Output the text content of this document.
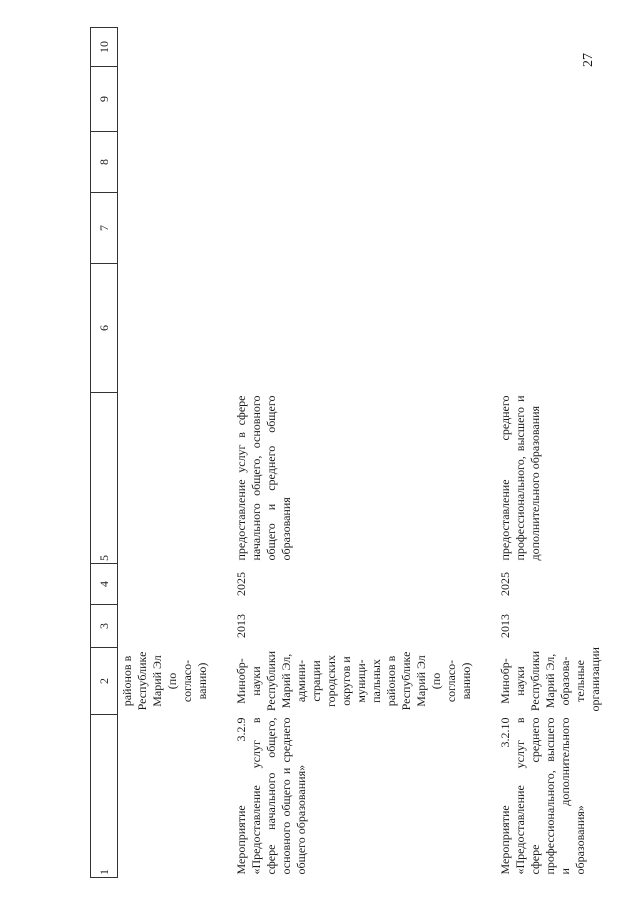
27
1	2	3	4	5	6	7	8	9	10
	районов в Республике Марий Эл (по согласо-ванию)								

Мероприятие 3.2.9 «Предоставление услуг в сфере начального общего, основного общего и среднего общего образования»	Минобр-науки Республики Марий Эл, админи-страции городских округов и муници-пальных районов в Республике Марий Эл (по согласо-ванию)	2013	2025	предоставление услуг в сфере начального общего, основного общего и среднего общего образования					

Мероприятие 3.2.10 «Предоставление услуг в сфере среднего профессионального, высшего и дополнительного образования»	Минобр-науки Республики Марий Эл, образова-тельные организации	2013	2025	предоставление среднего профессионального, высшего и дополнительного образования					
